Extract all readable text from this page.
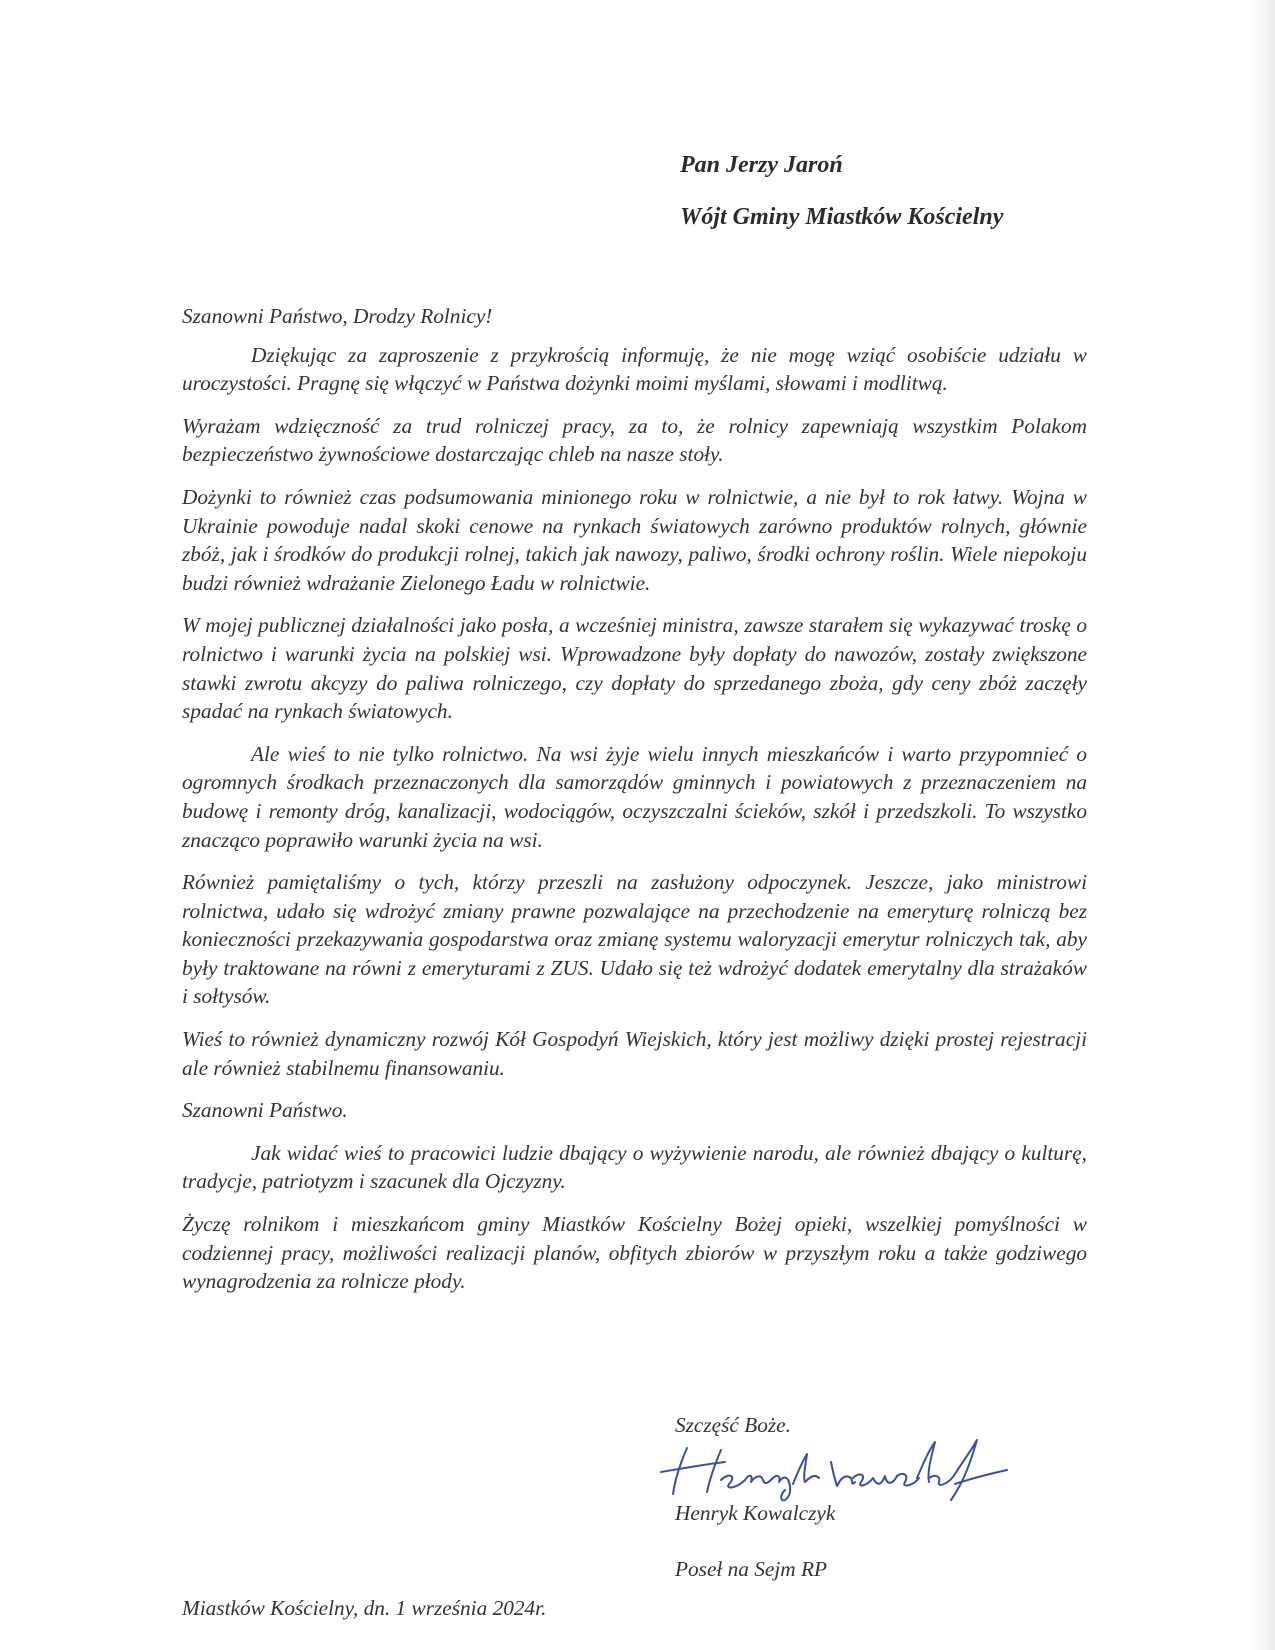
Pan Jerzy Jaroń
Wójt Gminy Miastków Kościelny

Szanowni Państwo, Drodzy Rolnicy!

Dziękując za zaproszenie z przykrością informuję, że nie mogę wziąć osobiście udziału w uroczystości. Pragnę się włączyć w Państwa dożynki moimi myślami, słowami i modlitwą.

Wyrażam wdzięczność za trud rolniczej pracy, za to, że rolnicy zapewniają wszystkim Polakom bezpieczeństwo żywnościowe dostarczając chleb na nasze stoły.

Dożynki to również czas podsumowania minionego roku w rolnictwie, a nie był to rok łatwy. Wojna w Ukrainie powoduje nadal skoki cenowe na rynkach światowych zarówno produktów rolnych, głównie zbóż, jak i środków do produkcji rolnej, takich jak nawozy, paliwo, środki ochrony roślin. Wiele niepokoju budzi również wdrażanie Zielonego Ładu w rolnictwie.

W mojej publicznej działalności jako posła, a wcześniej ministra, zawsze starałem się wykazywać troskę o rolnictwo i warunki życia na polskiej wsi. Wprowadzone były dopłaty do nawozów, zostały zwiększone stawki zwrotu akcyzy do paliwa rolniczego, czy dopłaty do sprzedanego zboża, gdy ceny zbóż zaczęły spadać na rynkach światowych.

Ale wieś to nie tylko rolnictwo. Na wsi żyje wielu innych mieszkańców i warto przypomnieć o ogromnych środkach przeznaczonych dla samorządów gminnych i powiatowych z przeznaczeniem na budowę i remonty dróg, kanalizacji, wodociągów, oczyszczalni ścieków, szkół i przedszkoli. To wszystko znacząco poprawiło warunki życia na wsi.

Również pamiętaliśmy o tych, którzy przeszli na zasłużony odpoczynek. Jeszcze, jako ministrowi rolnictwa, udało się wdrożyć zmiany prawne pozwalające na przechodzenie na emeryturę rolniczą bez konieczności przekazywania gospodarstwa oraz zmianę systemu waloryzacji emerytur rolniczych tak, aby były traktowane na równi z emeryturami z ZUS. Udało się też wdrożyć dodatek emerytalny dla strażaków i sołtysów.

Wieś to również dynamiczny rozwój Kół Gospodyń Wiejskich, który jest możliwy dzięki prostej rejestracji ale również stabilnemu finansowaniu.

Szanowni Państwo.

Jak widać wieś to pracowici ludzie dbający o wyżywienie narodu, ale również dbający o kulturę, tradycje, patriotyzm i szacunek dla Ojczyzny.

Życzę rolnikom i mieszkańcom gminy Miastków Kościelny Bożej opieki, wszelkiej pomyślności w codziennej pracy, możliwości realizacji planów, obfitych zbiorów w przyszłym roku a także godziwego wynagrodzenia za rolnicze płody.

Szczęść Boże.
Henryk Kowalczyk
Poseł na Sejm RP
Miastków Kościelny, dn. 1 września 2024r.
